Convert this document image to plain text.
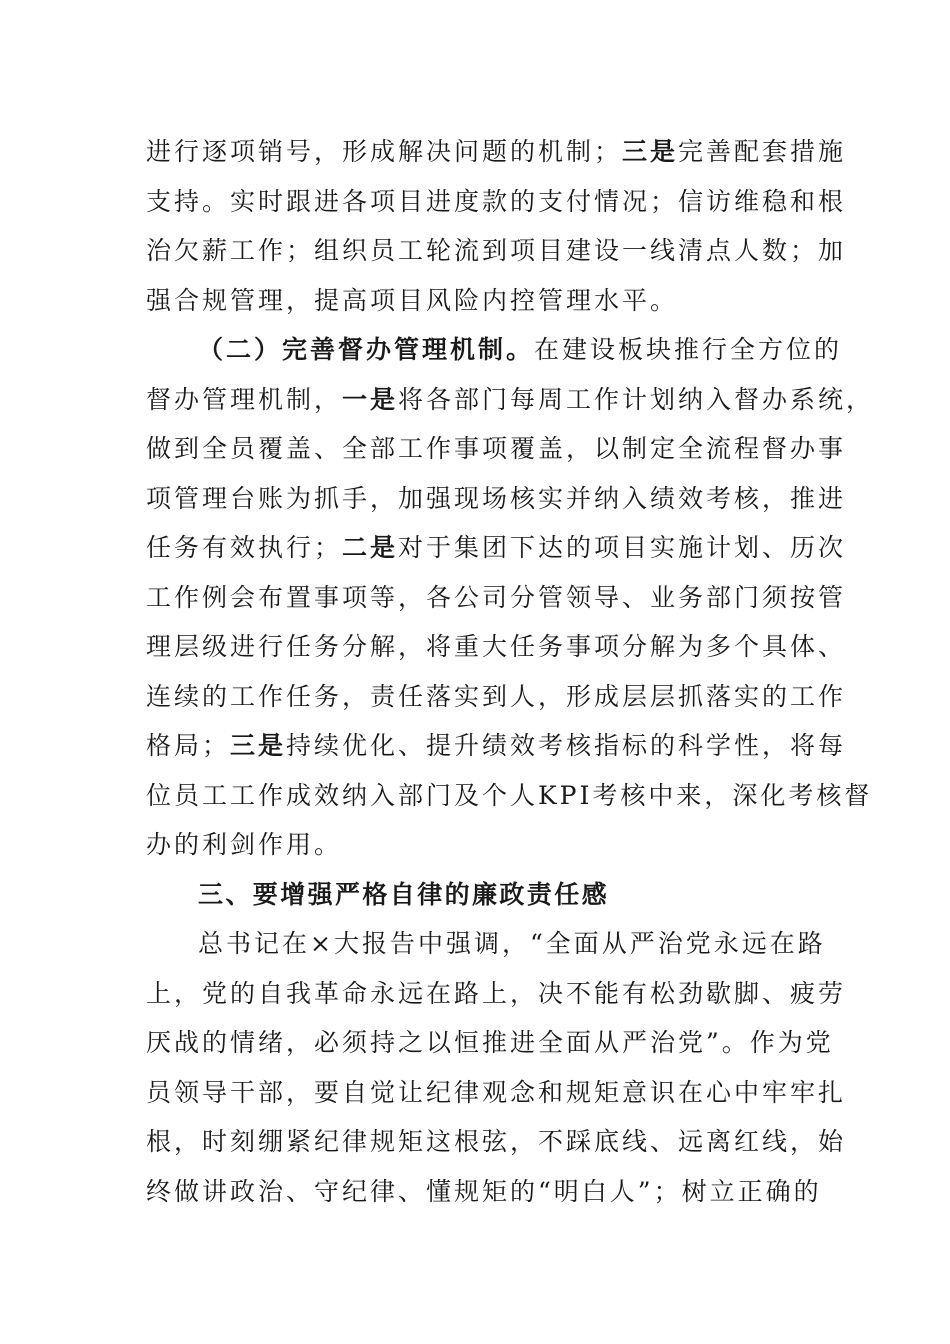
进行逐项销号，形成解决问题的机制；三是完善配套措施
支持。实时跟进各项目进度款的支付情况；信访维稳和根
治欠薪工作；组织员工轮流到项目建设一线清点人数；加
强合规管理，提高项目风险内控管理水平。
（二）完善督办管理机制。在建设板块推行全方位的
督办管理机制，一是将各部门每周工作计划纳入督办系统，
做到全员覆盖、全部工作事项覆盖，以制定全流程督办事
项管理台账为抓手，加强现场核实并纳入绩效考核，推进
任务有效执行；二是对于集团下达的项目实施计划、历次
工作例会布置事项等，各公司分管领导、业务部门须按管
理层级进行任务分解，将重大任务事项分解为多个具体、
连续的工作任务，责任落实到人，形成层层抓落实的工作
格局；三是持续优化、提升绩效考核指标的科学性，将每
位员工工作成效纳入部门及个人KPI考核中来，深化考核督
办的利剑作用。
三、要增强严格自律的廉政责任感
总书记在×大报告中强调，“全面从严治党永远在路
上，党的自我革命永远在路上，决不能有松劲歇脚、疲劳
厌战的情绪，必须持之以恒推进全面从严治党”。作为党
员领导干部，要自觉让纪律观念和规矩意识在心中牢牢扎
根，时刻绷紧纪律规矩这根弦，不踩底线、远离红线，始
终做讲政治、守纪律、懂规矩的“明白人”；树立正确的
